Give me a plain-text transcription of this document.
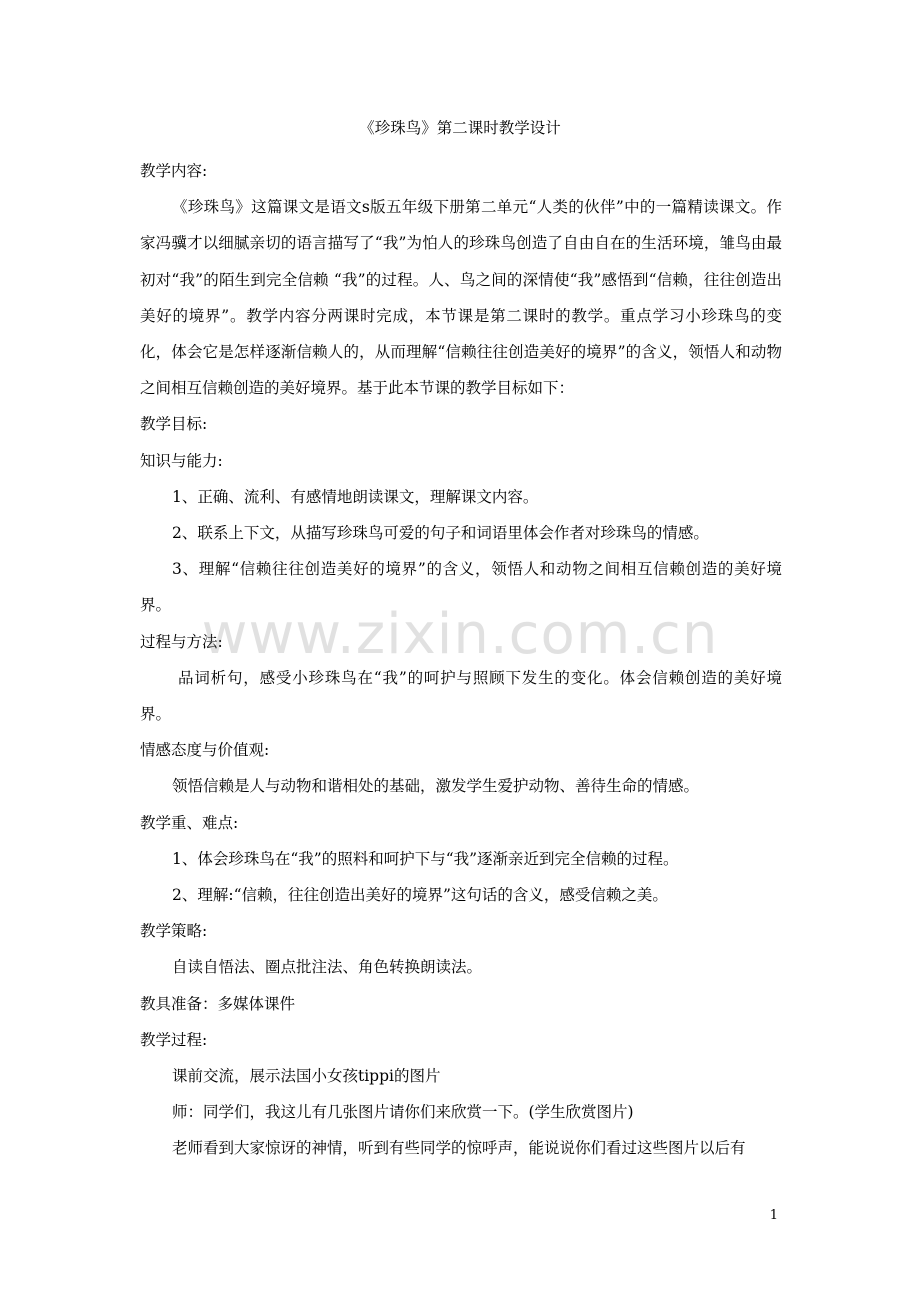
《珍珠鸟》第二课时教学设计

教学内容:

《珍珠鸟》这篇课文是语文s版五年级下册第二单元“人类的伙伴”中的一篇精读课文。作家冯骥才以细腻亲切的语言描写了“我”为怕人的珍珠鸟创造了自由自在的生活环境，雏鸟由最初对“我”的陌生到完全信赖 “我”的过程。人、鸟之间的深情使“我”感悟到“信赖，往往创造出美好的境界”。教学内容分两课时完成，本节课是第二课时的教学。重点学习小珍珠鸟的变化，体会它是怎样逐渐信赖人的，从而理解“信赖往往创造美好的境界”的含义，领悟人和动物之间相互信赖创造的美好境界。基于此本节课的教学目标如下：

教学目标:

知识与能力:

1、正确、流利、有感情地朗读课文，理解课文内容。

2、联系上下文，从描写珍珠鸟可爱的句子和词语里体会作者对珍珠鸟的情感。

3、理解“信赖往往创造美好的境界”的含义，领悟人和动物之间相互信赖创造的美好境界。

过程与方法:

品词析句，感受小珍珠鸟在“我”的呵护与照顾下发生的变化。体会信赖创造的美好境界。

情感态度与价值观:

领悟信赖是人与动物和谐相处的基础，激发学生爱护动物、善待生命的情感。

教学重、难点:

1、体会珍珠鸟在“我”的照料和呵护下与“我”逐渐亲近到完全信赖的过程。

2、理解:“信赖，往往创造出美好的境界”这句话的含义，感受信赖之美。

教学策略:

自读自悟法、圈点批注法、角色转换朗读法。

教具准备：多媒体课件

教学过程:

课前交流，展示法国小女孩tippi的图片

师：同学们，我这儿有几张图片请你们来欣赏一下。(学生欣赏图片)

老师看到大家惊讶的神情，听到有些同学的惊呼声，能说说你们看过这些图片以后有

www.zixin.com.cn
1
